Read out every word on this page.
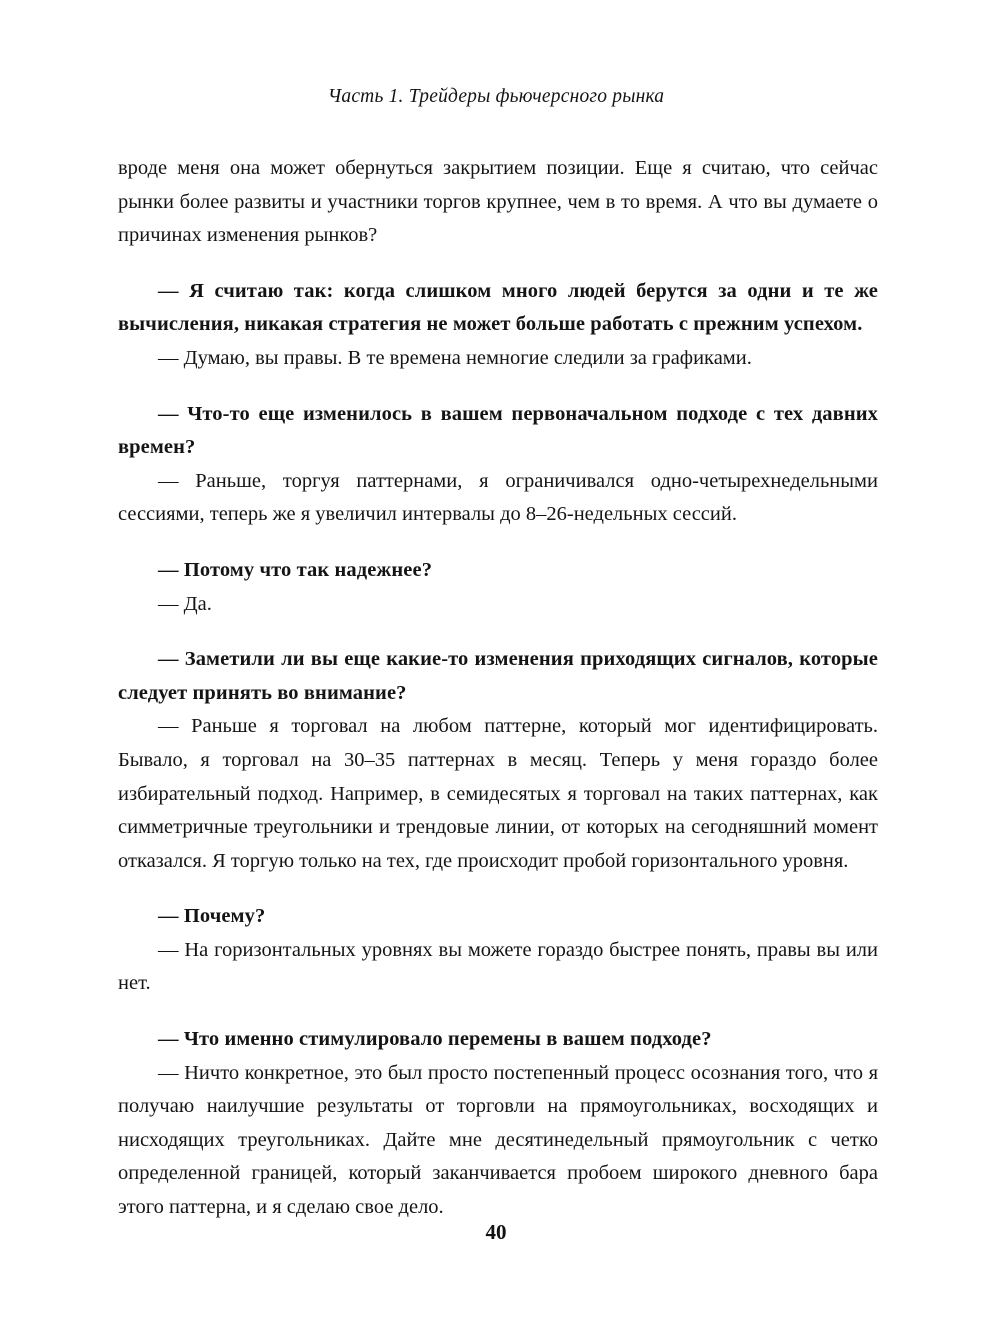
Часть 1. Трейдеры фьючерсного рынка

вроде меня она может обернуться закрытием позиции. Еще я считаю, что сейчас рынки более развиты и участники торгов крупнее, чем в то время. А что вы думаете о причинах изменения рынков?

— Я считаю так: когда слишком много людей берутся за одни и те же вычисления, никакая стратегия не может больше работать с прежним успехом.

— Думаю, вы правы. В те времена немногие следили за графиками.

— Что-то еще изменилось в вашем первоначальном подходе с тех давних времен?

— Раньше, торгуя паттернами, я ограничивался одно-четырехнедельными сессиями, теперь же я увеличил интервалы до 8–26-недельных сессий.

— Потому что так надежнее?

— Да.

— Заметили ли вы еще какие-то изменения приходящих сигналов, которые следует принять во внимание?

— Раньше я торговал на любом паттерне, который мог идентифицировать. Бывало, я торговал на 30–35 паттернах в месяц. Теперь у меня гораздо более избирательный подход. Например, в семидесятых я торговал на таких паттернах, как симметричные треугольники и трендовые линии, от которых на сегодняшний момент отказался. Я торгую только на тех, где происходит пробой горизонтального уровня.

— Почему?

— На горизонтальных уровнях вы можете гораздо быстрее понять, правы вы или нет.

— Что именно стимулировало перемены в вашем подходе?

— Ничто конкретное, это был просто постепенный процесс осознания того, что я получаю наилучшие результаты от торговли на прямоугольниках, восходящих и нисходящих треугольниках. Дайте мне десятинедельный прямоугольник с четко определенной границей, который заканчивается пробоем широкого дневного бара этого паттерна, и я сделаю свое дело.

40
